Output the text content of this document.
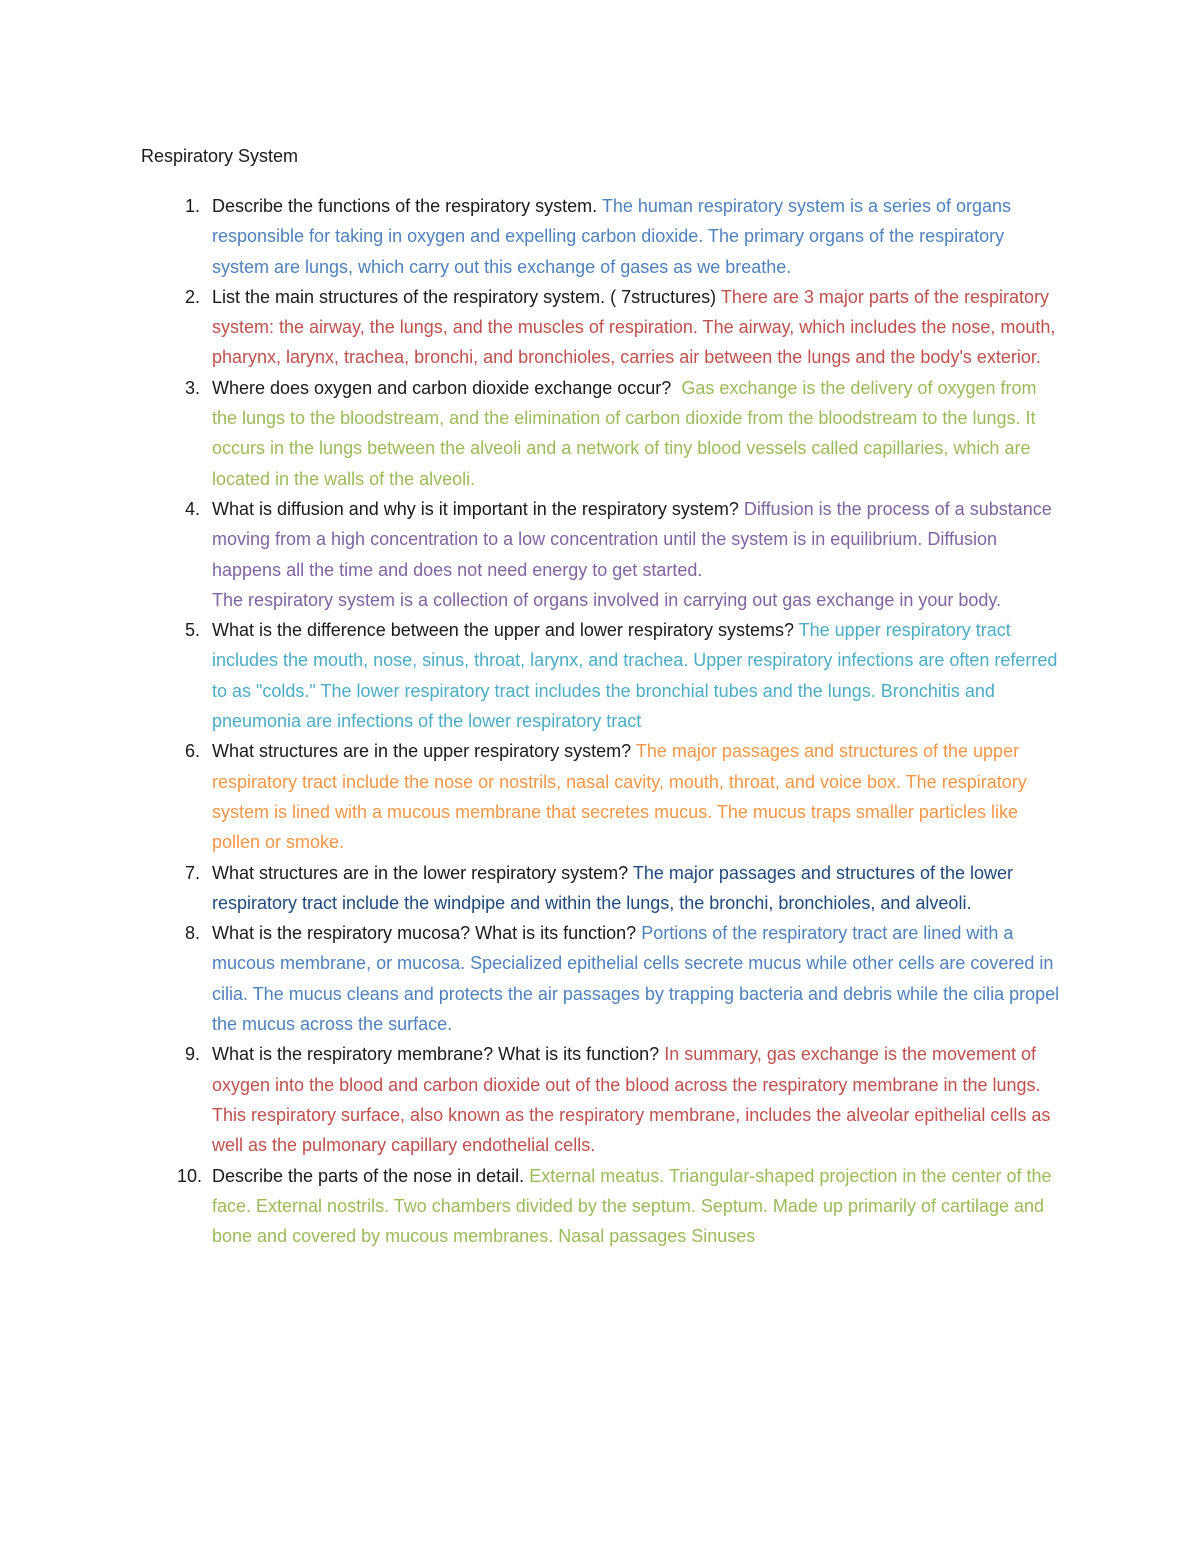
Respiratory System
1. Describe the functions of the respiratory system. The human respiratory system is a series of organs responsible for taking in oxygen and expelling carbon dioxide. The primary organs of the respiratory system are lungs, which carry out this exchange of gases as we breathe.
2. List the main structures of the respiratory system. ( 7structures) There are 3 major parts of the respiratory system: the airway, the lungs, and the muscles of respiration. The airway, which includes the nose, mouth, pharynx, larynx, trachea, bronchi, and bronchioles, carries air between the lungs and the body's exterior.
3. Where does oxygen and carbon dioxide exchange occur? Gas exchange is the delivery of oxygen from the lungs to the bloodstream, and the elimination of carbon dioxide from the bloodstream to the lungs. It occurs in the lungs between the alveoli and a network of tiny blood vessels called capillaries, which are located in the walls of the alveoli.
4. What is diffusion and why is it important in the respiratory system? Diffusion is the process of a substance moving from a high concentration to a low concentration until the system is in equilibrium. Diffusion happens all the time and does not need energy to get started.
The respiratory system is a collection of organs involved in carrying out gas exchange in your body.
5. What is the difference between the upper and lower respiratory systems? The upper respiratory tract includes the mouth, nose, sinus, throat, larynx, and trachea. Upper respiratory infections are often referred to as "colds." The lower respiratory tract includes the bronchial tubes and the lungs. Bronchitis and pneumonia are infections of the lower respiratory tract
6. What structures are in the upper respiratory system? The major passages and structures of the upper respiratory tract include the nose or nostrils, nasal cavity, mouth, throat, and voice box. The respiratory system is lined with a mucous membrane that secretes mucus. The mucus traps smaller particles like pollen or smoke.
7. What structures are in the lower respiratory system? The major passages and structures of the lower respiratory tract include the windpipe and within the lungs, the bronchi, bronchioles, and alveoli.
8. What is the respiratory mucosa? What is its function? Portions of the respiratory tract are lined with a mucous membrane, or mucosa. Specialized epithelial cells secrete mucus while other cells are covered in cilia. The mucus cleans and protects the air passages by trapping bacteria and debris while the cilia propel the mucus across the surface.
9. What is the respiratory membrane? What is its function? In summary, gas exchange is the movement of oxygen into the blood and carbon dioxide out of the blood across the respiratory membrane in the lungs. This respiratory surface, also known as the respiratory membrane, includes the alveolar epithelial cells as well as the pulmonary capillary endothelial cells.
10. Describe the parts of the nose in detail. External meatus. Triangular-shaped projection in the center of the face. External nostrils. Two chambers divided by the septum. Septum. Made up primarily of cartilage and bone and covered by mucous membranes. Nasal passages Sinuses
